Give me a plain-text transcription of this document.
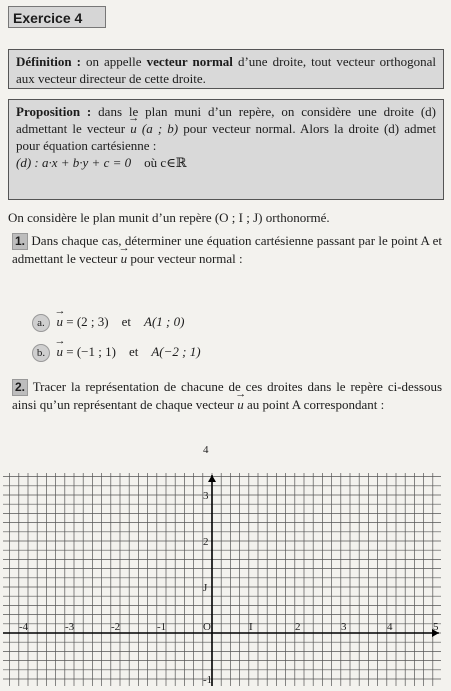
Exercice 4
Définition : on appelle vecteur normal d’une droite, tout vecteur orthogonal aux vecteur directeur de cette droite.
Proposition : dans le plan muni d’un repère, on considère une droite (d) admettant le vecteur → u (a ; b) pour vecteur normal. Alors la droite (d) admet pour équation cartésienne :
(d) : a·x + b·y + c = 0 où c∈ℝ
On considère le plan munit d’un repère (O ; I ; J) orthonormé.
1. Dans chaque cas, déterminer une équation cartésienne passant par le point A et admettant le vecteur → u pour vecteur normal :
a. → u = (2 ; 3) et A(1 ; 0)
b. → u = (−1 ; 1) et A(−2 ; 1)
2. Tracer la représentation de chacune de ces droites dans le repère ci-dessous ainsi qu’un représentant de chaque vecteur → u au point A correspondant :
-4	-3	-2	-1	O	I	2	3	4	5
4
3
2
J
-1
